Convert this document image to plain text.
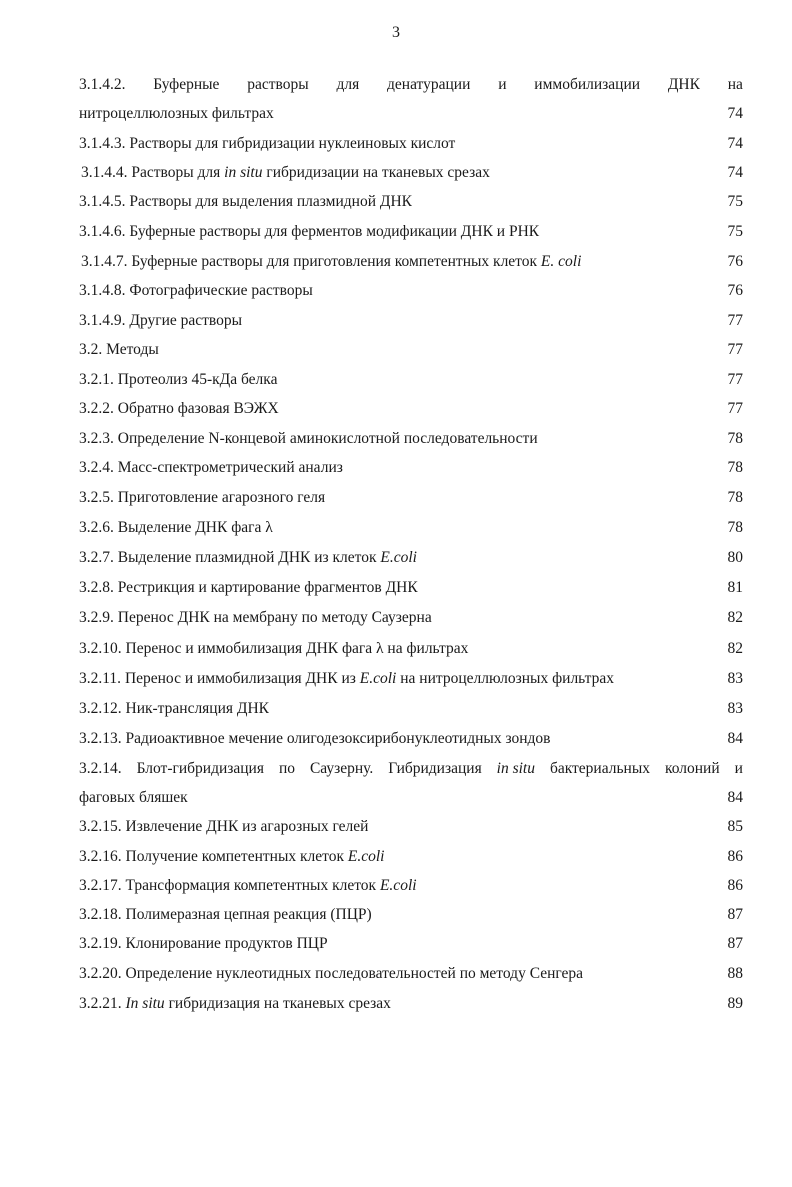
3
3.1.4.2. Буферные растворы для денатурации и иммобилизации ДНК на
нитроцеллюлозных фильтрах	74
3.1.4.3. Растворы для гибридизации нуклеиновых кислот	74
3.1.4.4. Растворы для in situ гибридизации на тканевых срезах	74
3.1.4.5. Растворы для выделения плазмидной ДНК	75
3.1.4.6. Буферные растворы для ферментов модификации ДНК и РНК	75
3.1.4.7. Буферные растворы для приготовления компетентных клеток E. coli	76
3.1.4.8. Фотографические растворы	76
3.1.4.9. Другие растворы	77
3.2. Методы	77
3.2.1. Протеолиз 45-кДа белка	77
3.2.2. Обратно фазовая ВЭЖХ	77
3.2.3. Определение N-концевой аминокислотной последовательности	78
3.2.4. Масс-спектрометрический анализ	78
3.2.5. Приготовление агарозного геля	78
3.2.6. Выделение ДНК фага λ	78
3.2.7. Выделение плазмидной ДНК из клеток E.coli	80
3.2.8. Рестрикция и картирование фрагментов ДНК	81
3.2.9. Перенос ДНК на мембрану по методу Саузерна	82
3.2.10. Перенос и иммобилизация ДНК фага λ на фильтрах	82
3.2.11. Перенос и иммобилизация ДНК из E.coli на нитроцеллюлозных фильтрах	83
3.2.12. Ник-трансляция ДНК	83
3.2.13. Радиоактивное мечение олигодезоксирибонуклеотидных зондов	84
3.2.14. Блот-гибридизация по Саузерну. Гибридизация in situ бактериальных колоний и
фаговых бляшек	84
3.2.15. Извлечение ДНК из агарозных гелей	85
3.2.16. Получение компетентных клеток E.coli	86
3.2.17. Трансформация компетентных клеток E.coli	86
3.2.18. Полимеразная цепная реакция (ПЦР)	87
3.2.19. Клонирование продуктов ПЦР	87
3.2.20. Определение нуклеотидных последовательностей по методу Сенгера	88
3.2.21. In situ гибридизация на тканевых срезах	89
